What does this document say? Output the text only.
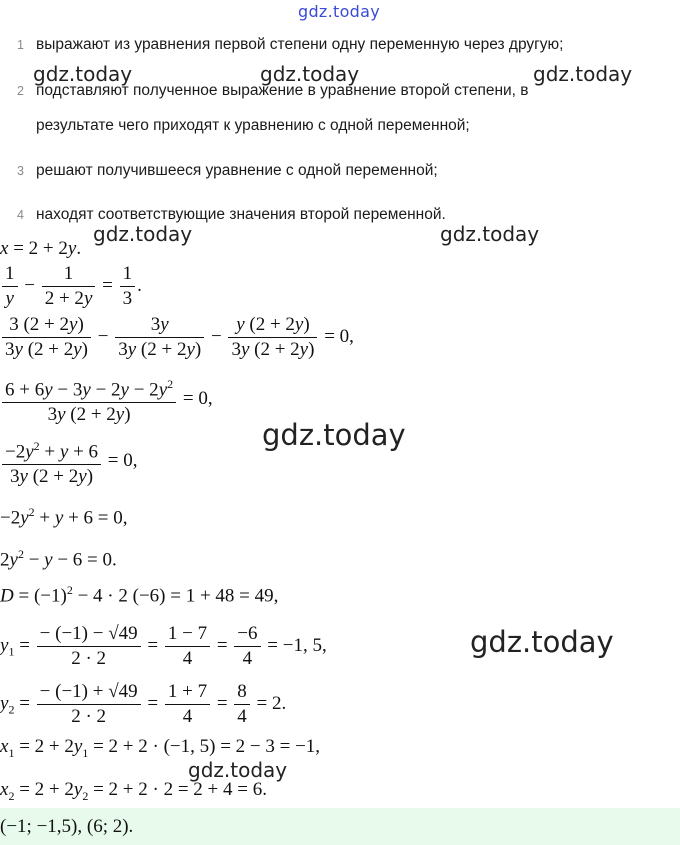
gdz.today
gdz.today	gdz.today	gdz.today
gdz.today	gdz.today
gdz.today
gdz.today
gdz.today
1 выражают из уравнения первой степени одну переменную через другую;
2 подставляют полученное выражение в уравнение второй степени, в
результате чего приходят к уравнению с одной переменной;
3 решают получившееся уравнение с одной переменной;
4 находят соответствующие значения второй переменной.
x = 2 + 2y.
$\frac{1}{y} - \frac{1}{2 + 2y} = \frac{1}{3}$ .
$\frac{3 (2 + 2y)}{3y (2 + 2y)} - \frac{3y}{3y (2 + 2y)} - \frac{y (2 + 2y)}{3y (2 + 2y)} = 0$,
$\frac{6 + 6y - 3y - 2y - 2y^2}{3y (2 + 2y)} = 0$,
$\frac{-2y^2 + y + 6}{3y (2 + 2y)} = 0$,
$-2y^2 + y + 6 = 0$,
$2y^2 - y - 6 = 0$.
$D = (-1)^2 - 4 \cdot 2$ (−6) = 1 + 48 = 49,
$y_1 = \frac{- (-1) - √49}{2 \cdot 2} = \frac{1 - 7}{4} = \frac{-6}{4} = -1$, 5,
$y_2 = \frac{- (-1) + √49}{2 \cdot 2} = \frac{1 + 7}{4} = \frac{8}{4} = 2$.
$x_1 = 2 + 2y_1 = 2 + 2 \cdot (-1$, 5) = 2 − 3 = −1,
$x_2 = 2 + 2y_2 = 2 + 2 \cdot 2 = 2 + 4 = 6$.
(−1; −1,5), (6; 2).
